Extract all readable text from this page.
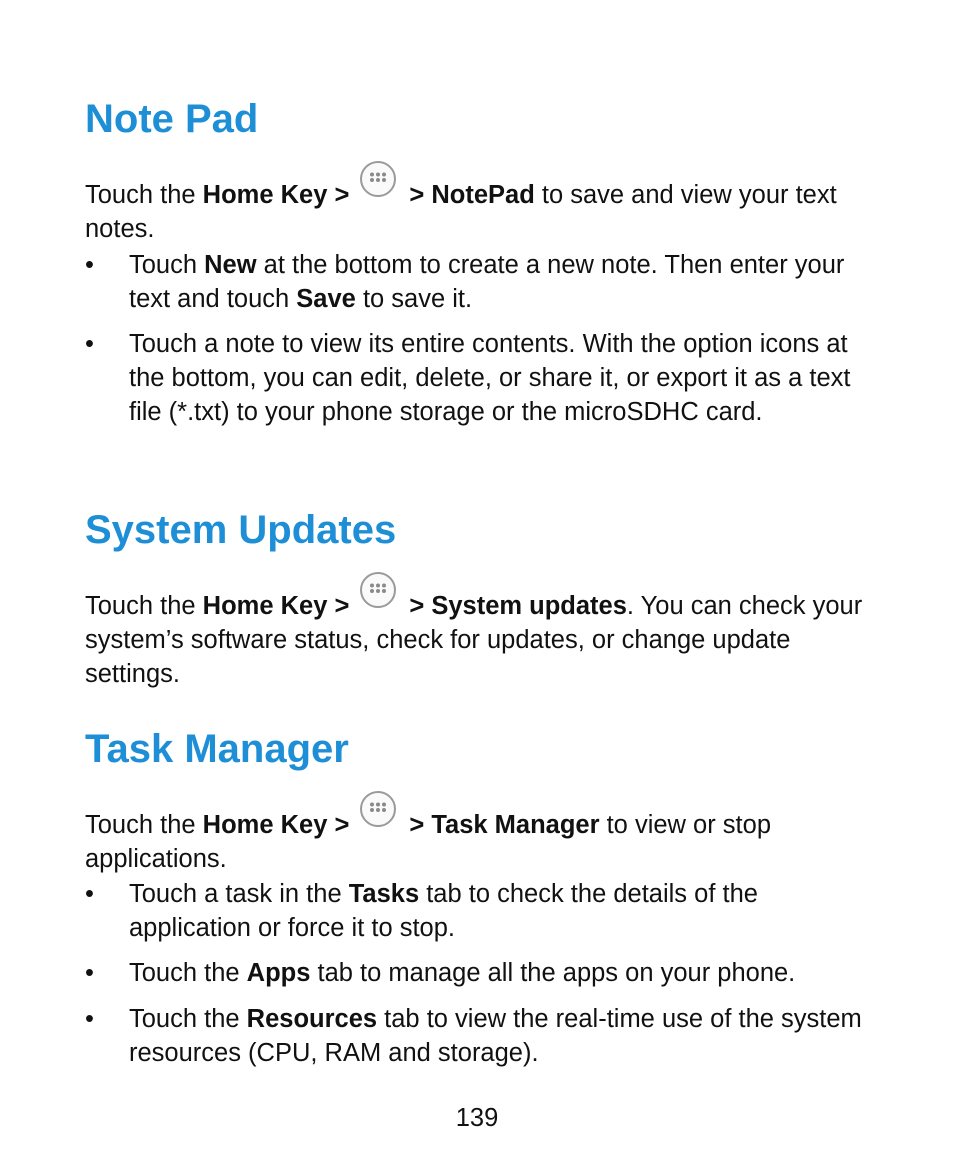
Note Pad

Touch the Home Key > > NotePad to save and view your text notes.

•	Touch New at the bottom to create a new note. Then enter your text and touch Save to save it.
•	Touch a note to view its entire contents. With the option icons at the bottom, you can edit, delete, or share it, or export it as a text file (*.txt) to your phone storage or the microSDHC card.
System Updates

Touch the Home Key > > System updates. You can check your system’s software status, check for updates, or change update settings.

Task Manager

Touch the Home Key > > Task Manager to view or stop applications.

•	Touch a task in the Tasks tab to check the details of the application or force it to stop.
•	Touch the Apps tab to manage all the apps on your phone.
•	Touch the Resources tab to view the real-time use of the system resources (CPU, RAM and storage).
139
